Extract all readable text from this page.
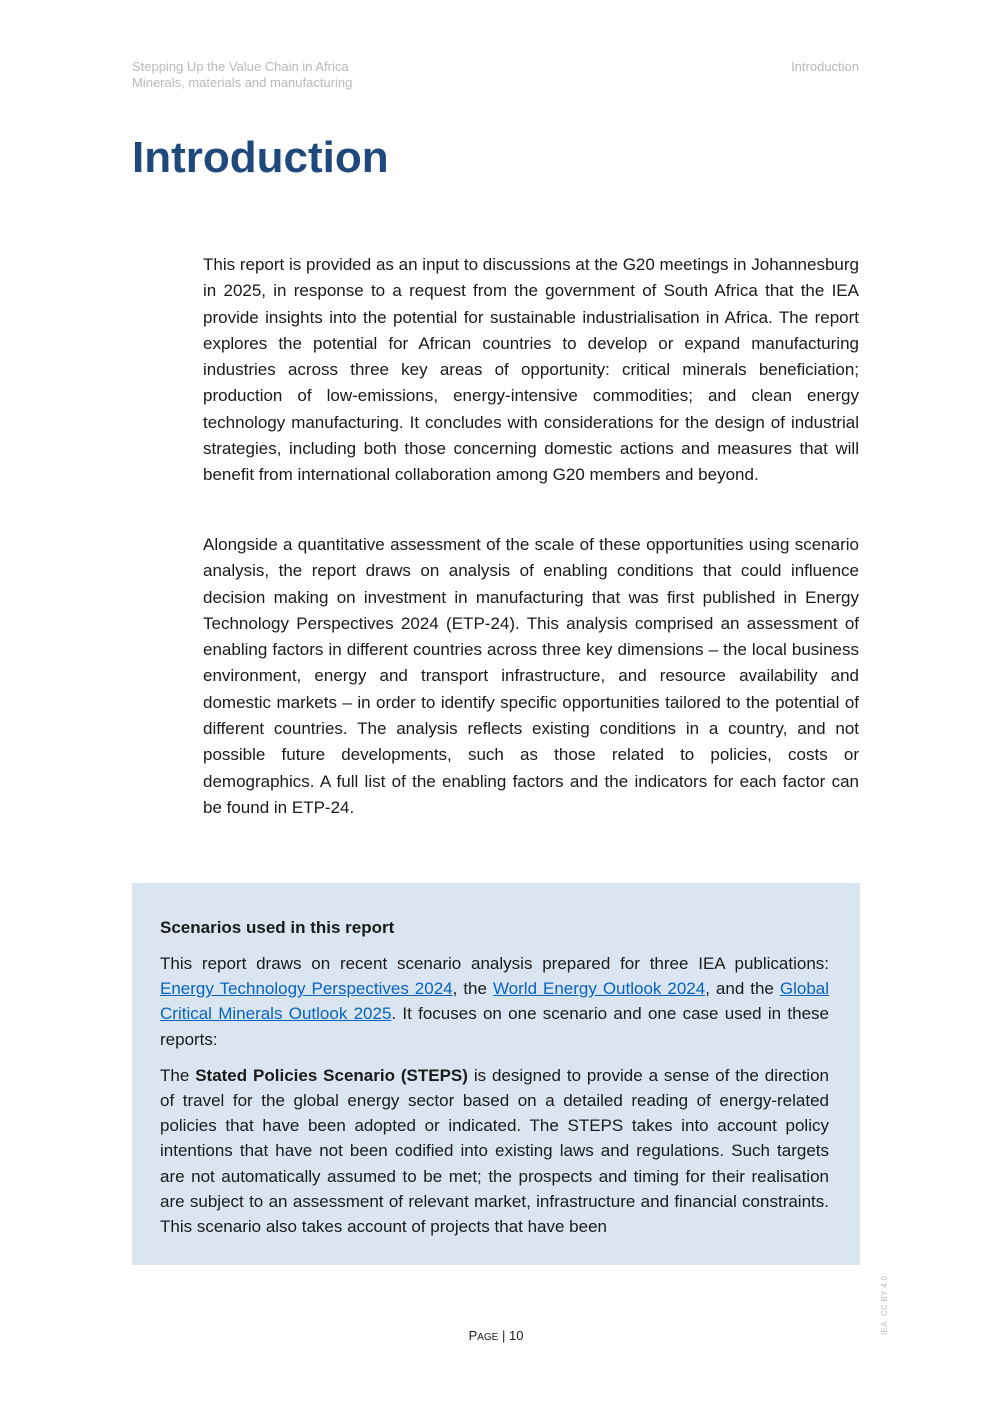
Stepping Up the Value Chain in Africa
Minerals, materials and manufacturing
Introduction
Introduction

This report is provided as an input to discussions at the G20 meetings in Johannesburg in 2025, in response to a request from the government of South Africa that the IEA provide insights into the potential for sustainable industrialisation in Africa. The report explores the potential for African countries to develop or expand manufacturing industries across three key areas of opportunity: critical minerals beneficiation; production of low-emissions, energy-intensive commodities; and clean energy technology manufacturing. It concludes with considerations for the design of industrial strategies, including both those concerning domestic actions and measures that will benefit from international collaboration among G20 members and beyond.

Alongside a quantitative assessment of the scale of these opportunities using scenario analysis, the report draws on analysis of enabling conditions that could influence decision making on investment in manufacturing that was first published in Energy Technology Perspectives 2024 (ETP-24). This analysis comprised an assessment of enabling factors in different countries across three key dimensions – the local business environment, energy and transport infrastructure, and resource availability and domestic markets – in order to identify specific opportunities tailored to the potential of different countries. The analysis reflects existing conditions in a country, and not possible future developments, such as those related to policies, costs or demographics. A full list of the enabling factors and the indicators for each factor can be found in ETP-24.

Scenarios used in this report

This report draws on recent scenario analysis prepared for three IEA publications: Energy Technology Perspectives 2024, the World Energy Outlook 2024, and the Global Critical Minerals Outlook 2025. It focuses on one scenario and one case used in these reports:

The Stated Policies Scenario (STEPS) is designed to provide a sense of the direction of travel for the global energy sector based on a detailed reading of energy-related policies that have been adopted or indicated. The STEPS takes into account policy intentions that have not been codified into existing laws and regulations. Such targets are not automatically assumed to be met; the prospects and timing for their realisation are subject to an assessment of relevant market, infrastructure and financial constraints. This scenario also takes account of projects that have been

PAGE | 10
IEA. CC BY 4.0.
